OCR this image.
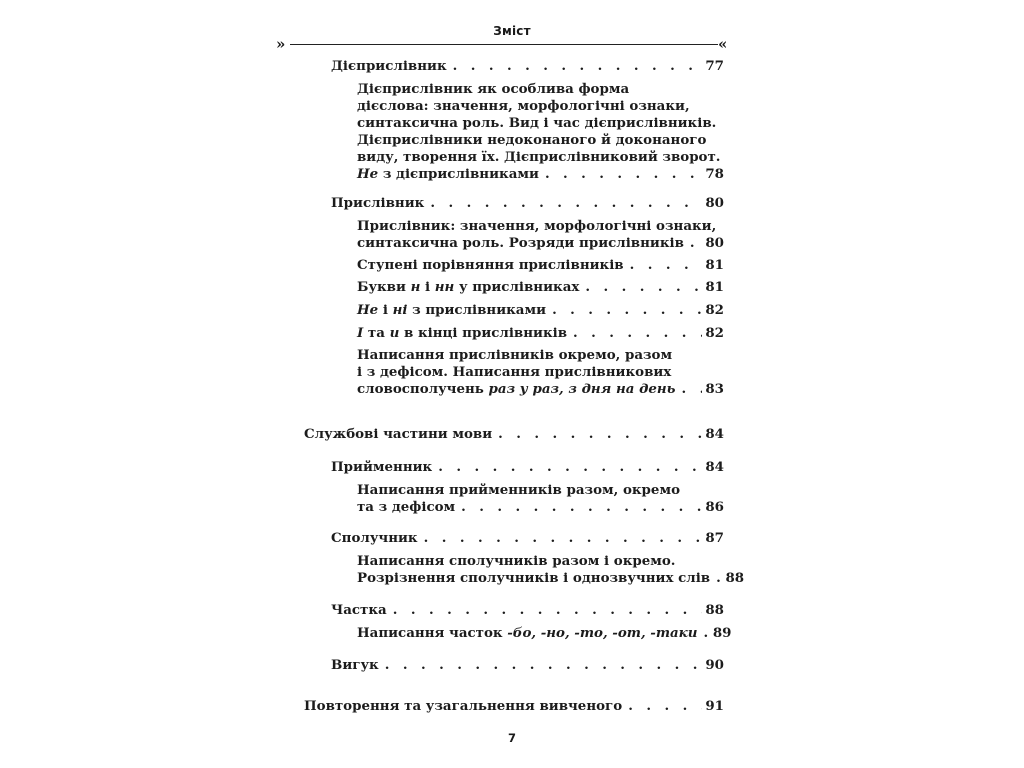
Зміст
»	«
Дієприслівник . . .	77
Дієприслівник як особлива форма
дієслова: значення, морфологічні ознаки,
синтаксична роль. Вид і час дієприслівників.
Дієприслівники недоконаного й доконаного
виду, творення їх. Дієприслівниковий зворот.
Не з дієприслівниками . . .	78
Прислівник . . .	80
Прислівник: значення, морфологічні ознаки,
синтаксична роль. Розряди прислівників . . . 80
Ступені порівняння прислівників . . .	81
Букви н і нн у прислівниках . . .	81
Не і ні з прислівниками . . .	82
І та и в кінці прислівників . . .	82
Написання прислівників окремо, разом
і з дефісом. Написання прислівникових
словосполучень раз у раз, з дня на день . . . 83
Службові частини мови . . .	84
Прийменник . . .	84
Написання прийменників разом, окремо
та з дефісом . . .	86
Сполучник . . .	87
Написання сполучників разом і окремо.
Розрізнення сполучників і однозвучних слів . . . 88
Частка . . .	88
Написання часток -бо, -но, -то, -от, -таки . . . 89
Вигук . . .	90
Повторення та узагальнення вивченого . . .	91
7
